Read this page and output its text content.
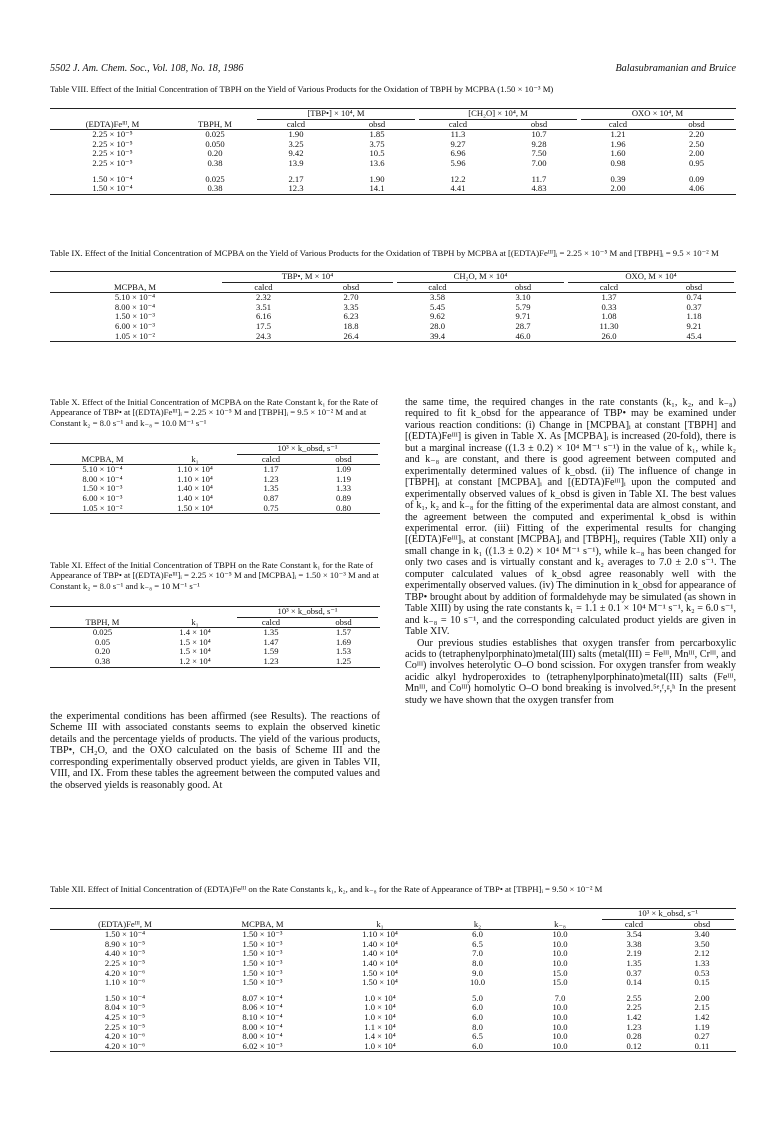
5502 J. Am. Chem. Soc., Vol. 108, No. 18, 1986	Balasubramanian and Bruice
Table VIII. Effect of the Initial Concentration of TBPH on the Yield of Various Products for the Oxidation of TBPH by MCPBA (1.50 × 10⁻³ M)

		[TBP•] × 10⁴, M		[CH₂O] × 10⁴, M		OXO × 10⁴, M	

(EDTA)Feᴵᴵᴵ, M	TBPH, M	calcd	obsd	calcd	obsd	calcd	obsd
2.25 × 10⁻⁵	0.025	1.90	1.85	11.3	10.7	1.21	2.20
2.25 × 10⁻⁵	0.050	3.25	3.75	9.27	9.28	1.96	2.50
2.25 × 10⁻⁵	0.20	9.42	10.5	6.96	7.50	1.60	2.00
2.25 × 10⁻⁵	0.38	13.9	13.6	5.96	7.00	0.98	0.95

1.50 × 10⁻⁴	0.025	2.17	1.90	12.2	11.7	0.39	0.09
1.50 × 10⁻⁴	0.38	12.3	14.1	4.41	4.83	2.00	4.06
Table IX. Effect of the Initial Concentration of MCPBA on the Yield of Various Products for the Oxidation of TBPH by MCPBA at [(EDTA)Feᴵᴵᴵ]ᵢ = 2.25 × 10⁻⁵ M and [TBPH]ᵢ = 9.5 × 10⁻² M

	TBP•, M × 10⁴		CH₂O, M × 10⁴		OXO, M × 10⁴	

MCPBA, M	calcd	obsd	calcd	obsd	calcd	obsd
5.10 × 10⁻⁴	2.32	2.70	3.58	3.10	1.37	0.74
8.00 × 10⁻⁴	3.51	3.35	5.45	5.79	0.33	0.37
1.50 × 10⁻³	6.16	6.23	9.62	9.71	1.08	1.18
6.00 × 10⁻³	17.5	18.8	28.0	28.7	11.30	9.21
1.05 × 10⁻²	24.3	26.4	39.4	46.0	26.0	45.4
Table X. Effect of the Initial Concentration of MCPBA on the Rate Constant k₁ for the Rate of Appearance of TBP• at [(EDTA)Feᴵᴵᴵ]ᵢ = 2.25 × 10⁻⁵ M and [TBPH]ᵢ = 9.5 × 10⁻² M and at Constant k₂ = 8.0 s⁻¹ and k₋₈ = 10.0 M⁻¹ s⁻¹

		10³ × k_obsd, s⁻¹	

MCPBA, M	k₁	calcd	obsd
5.10 × 10⁻⁴	1.10 × 10⁴	1.17	1.09
8.00 × 10⁻⁴	1.10 × 10⁴	1.23	1.19
1.50 × 10⁻³	1.40 × 10⁴	1.35	1.33
6.00 × 10⁻³	1.40 × 10⁴	0.87	0.89
1.05 × 10⁻²	1.50 × 10⁴	0.75	0.80
Table XI. Effect of the Initial Concentration of TBPH on the Rate Constant k₁ for the Rate of Appearance of TBP• at [(EDTA)Feᴵᴵᴵ]ᵢ = 2.25 × 10⁻⁵ M and [MCPBA]ᵢ = 1.50 × 10⁻³ M and at Constant k₂ = 8.0 s⁻¹ and k₋₈ = 10 M⁻¹ s⁻¹

		10³ × k_obsd, s⁻¹	

TBPH, M	k₁	calcd	obsd
0.025	1.4 × 10⁴	1.35	1.57
0.05	1.5 × 10⁴	1.47	1.69
0.20	1.5 × 10⁴	1.59	1.53
0.38	1.2 × 10⁴	1.23	1.25

the experimental conditions has been affirmed (see Results). The reactions of Scheme III with associated constants seems to explain the observed kinetic details and the percentage yields of products. The yield of the various products, TBP•, CH₂O, and the OXO calculated on the basis of Scheme III and the corresponding experimentally observed product yields, are given in Tables VII, VIII, and IX. From these tables the agreement between the computed values and the observed yields is reasonably good. At

the same time, the required changes in the rate constants (k₁, k₂, and k₋₈) required to fit k_obsd for the appearance of TBP• may be examined under various reaction conditions: (i) Change in [MCPBA]ᵢ at constant [TBPH] and [(EDTA)Feᴵᴵᴵ] is given in Table X. As [MCPBA]ᵢ is increased (20-fold), there is but a marginal increase ((1.3 ± 0.2) × 10⁴ M⁻¹ s⁻¹) in the value of k₁, while k₂ and k₋₈ are constant, and there is good agreement between computed and experimentally determined values of k_obsd. (ii) The influence of change in [TBPH]ᵢ at constant [MCPBA]ᵢ and [(EDTA)Feᴵᴵᴵ]ᵢ upon the computed and experimentally observed values of k_obsd is given in Table XI. The best values of k₁, k₂ and k₋₈ for the fitting of the experimental data are almost constant, and the agreement between the computed and experimental k_obsd is within experimental error. (iii) Fitting of the experimental results for changing [(EDTA)Feᴵᴵᴵ]ᵢ, at constant [MCPBA]ᵢ and [TBPH]ᵢ, requires (Table XII) only a small change in k₁ ((1.3 ± 0.2) × 10⁴ M⁻¹ s⁻¹), while k₋₈ has been changed for only two cases and is virtually constant and k₂ averages to 7.0 ± 2.0 s⁻¹. The computer calculated values of k_obsd agree reasonably well with the experimentally observed values. (iv) The diminution in k_obsd for appearance of TBP• brought about by addition of formaldehyde may be simulated (as shown in Table XIII) by using the rate constants k₁ = 1.1 ± 0.1 × 10⁴ M⁻¹ s⁻¹, k₂ = 6.0 s⁻¹, and k₋₈ = 10 s⁻¹, and the corresponding calculated product yields are given in Table XIV.

Our previous studies establishes that oxygen transfer from percarboxylic acids to (tetraphenylporphinato)metal(III) salts (metal(III) = Feᴵᴵᴵ, Mnᴵᴵᴵ, Crᴵᴵᴵ, and Coᴵᴵᴵ) involves heterolytic O–O bond scission. For oxygen transfer from weakly acidic alkyl hydroperoxides to (tetraphenylporphinato)metal(III) salts (Feᴵᴵᴵ, Mnᴵᴵᴵ, and Coᴵᴵᴵ) homolytic O–O bond breaking is involved.⁵ᵉ,ᶠ,ᵍ,ʰ In the present study we have shown that the oxygen transfer from

Table XII. Effect of Initial Concentration of (EDTA)Feᴵᴵᴵ on the Rate Constants k₁, k₂, and k₋₈ for the Rate of Appearance of TBP• at [TBPH]ᵢ = 9.50 × 10⁻² M

					10³ × k_obsd, s⁻¹	

(EDTA)Feᴵᴵᴵ, M	MCPBA, M	k₁	k₂	k₋₈	calcd	obsd
1.50 × 10⁻⁴	1.50 × 10⁻³	1.10 × 10⁴	6.0	10.0	3.54	3.40
8.90 × 10⁻⁵	1.50 × 10⁻³	1.40 × 10⁴	6.5	10.0	3.38	3.50
4.40 × 10⁻⁵	1.50 × 10⁻³	1.40 × 10⁴	7.0	10.0	2.19	2.12
2.25 × 10⁻⁵	1.50 × 10⁻³	1.40 × 10⁴	8.0	10.0	1.35	1.33
4.20 × 10⁻⁶	1.50 × 10⁻³	1.50 × 10⁴	9.0	15.0	0.37	0.53
1.10 × 10⁻⁶	1.50 × 10⁻³	1.50 × 10⁴	10.0	15.0	0.14	0.15

1.50 × 10⁻⁴	8.07 × 10⁻⁴	1.0 × 10⁴	5.0	7.0	2.55	2.00
8.04 × 10⁻⁵	8.06 × 10⁻⁴	1.0 × 10⁴	6.0	10.0	2.25	2.15
4.25 × 10⁻⁵	8.10 × 10⁻⁴	1.0 × 10⁴	6.0	10.0	1.42	1.42
2.25 × 10⁻⁵	8.00 × 10⁻⁴	1.1 × 10⁴	8.0	10.0	1.23	1.19
4.20 × 10⁻⁶	8.00 × 10⁻⁴	1.4 × 10⁴	6.5	10.0	0.28	0.27
4.20 × 10⁻⁶	6.02 × 10⁻³	1.0 × 10⁴	6.0	10.0	0.12	0.11
